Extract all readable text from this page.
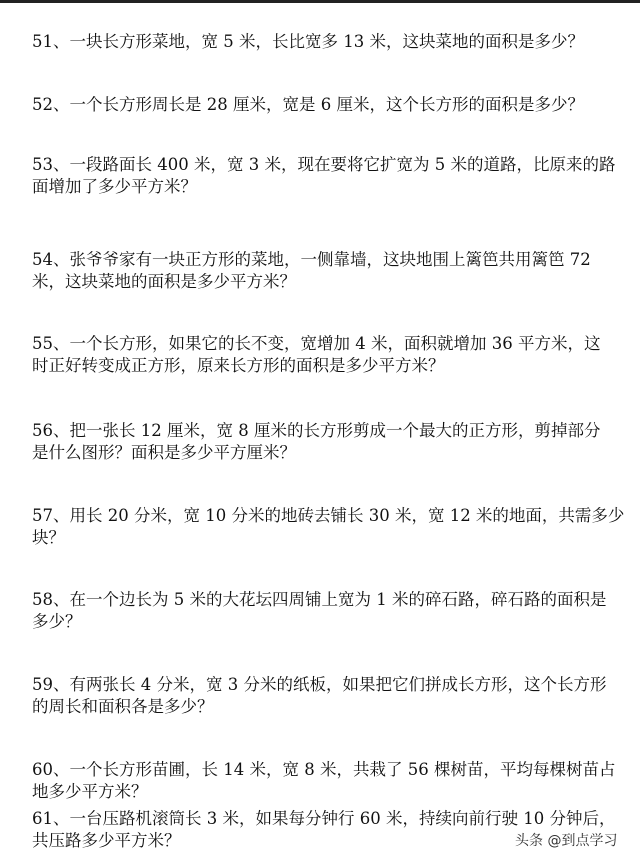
51、一块长方形菜地，宽 5 米，长比宽多 13 米，这块菜地的面积是多少？
52、一个长方形周长是 28 厘米，宽是 6 厘米，这个长方形的面积是多少？
53、一段路面长 400 米，宽 3 米，现在要将它扩宽为 5 米的道路，比原来的路
面增加了多少平方米？
54、张爷爷家有一块正方形的菜地，一侧靠墙，这块地围上篱笆共用篱笆 72
米，这块菜地的面积是多少平方米？
55、一个长方形，如果它的长不变，宽增加 4 米，面积就增加 36 平方米，这
时正好转变成正方形，原来长方形的面积是多少平方米？
56、把一张长 12 厘米，宽 8 厘米的长方形剪成一个最大的正方形，剪掉部分
是什么图形？面积是多少平方厘米？
57、用长 20 分米，宽 10 分米的地砖去铺长 30 米，宽 12 米的地面，共需多少
块？
58、在一个边长为 5 米的大花坛四周铺上宽为 1 米的碎石路，碎石路的面积是
多少？
59、有两张长 4 分米，宽 3 分米的纸板，如果把它们拼成长方形，这个长方形
的周长和面积各是多少？
60、一个长方形苗圃，长 14 米，宽 8 米，共栽了 56 棵树苗，平均每棵树苗占
地多少平方米？
61、一台压路机滚筒长 3 米，如果每分钟行 60 米，持续向前行驶 10 分钟后，
共压路多少平方米？	头条 @到点学习
